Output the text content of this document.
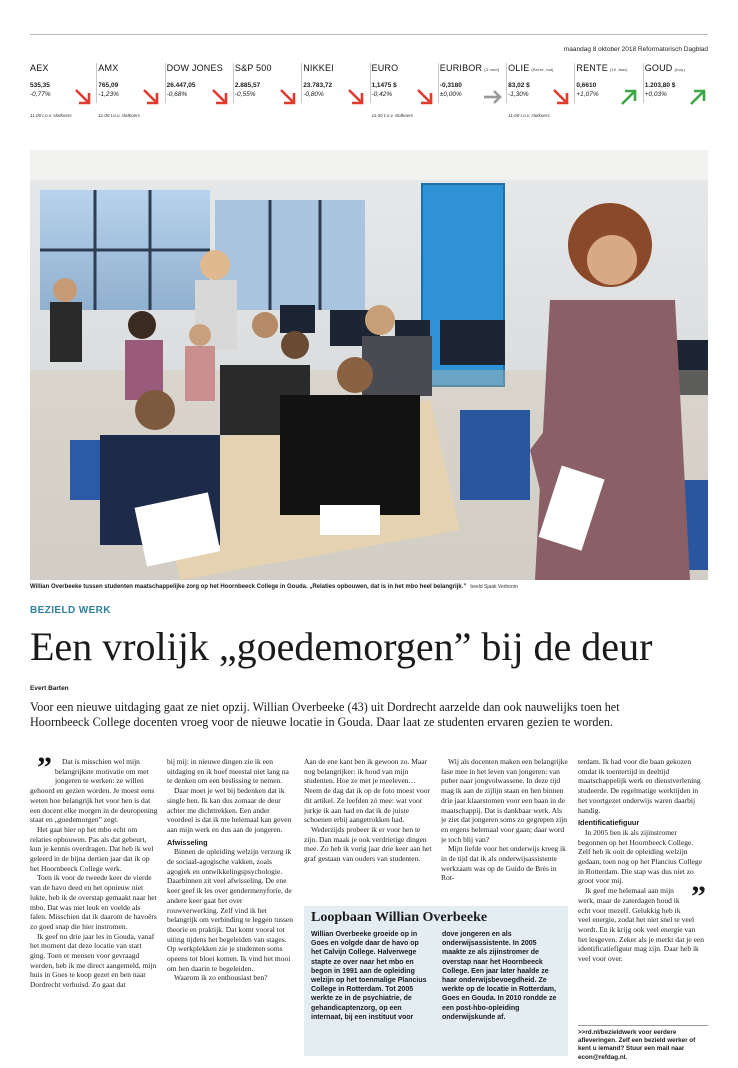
maandag 8 oktober 2018 Reformatorisch Dagblad
AEX
535,35
-0,77%
11.00 t.o.v. slotkoers
AMX
765,09
-1,23%
11.00 t.o.v. slotkoers
DOW JONES
26.447,05
-0,68%
S&P 500
2.885,57
-0,55%
NIKKEI
23.783,72
-0,80%
EURO
1,1475 $
-0,42%
11.00 t.o.v. slotkoers
EURIBOR (3 mnd)
-0,3180
±0,00%
OLIE (Brent, vat)
83,02 $
-1,30%
11.00 t.o.v. slotkoers
RENTE (10 Jaar)
0,6610
+1,07%
GOUD (troy)
1.203,80 $
+0,03%
Willian Overbeeke tussen studenten maatschappelijke zorg op het Hoornbeeck College in Gouda. „Relaties opbouwen, dat is in het mbo heel belangrijk.” beeld Sjaak Verboom
BEZIELD WERK
Een vrolijk „goedemorgen” bij de deur
Evert Barten
Voor een nieuwe uitdaging gaat ze niet opzij. Willian Overbeeke (43) uit Dordrecht aarzelde dan ook nauwelijks toen het Hoornbeeck College docenten vroeg voor de nieuwe locatie in Gouda. Daar laat ze studenten ervaren gezien te worden.

” Dat is misschien wel mijn belangrijkste motivatie om met jongeren te werken: ze willen gehoord en gezien worden. Je moest eens weten hoe belangrijk het voor hen is dat een docent elke morgen in de deuropening staat en „goedemorgen” zegt.

Het gaat hier op het mbo echt om relaties opbouwen. Pas als dat gebeurt, kun je kennis overdragen. Dat heb ik wel geleerd in de bijna dertien jaar dat ik op het Hoornbeeck College werk.

Toen ik voor de tweede keer de vierde van de havo deed en het opnieuw niet lukte, heb ik de overstap gemaakt naar het mbo. Dat was niet leuk en voelde als falen. Misschien dat ik daarom de havoërs zo goed snap die hier instromen.

Ik geef nu drie jaar les in Gouda, vanaf het moment dat deze locatie van start ging. Toen er mensen voor gevraagd werden, heb ik me direct aangemeld, mijn huis in Goes te koop gezet en ben naar Dordrecht verhuisd. Zo gaat dat

bij mij: in nieuwe dingen zie ik een uitdaging en ik hoef meestal niet lang na te denken om een beslissing te nemen.

Daar moet je wel bij bedenken dat ik single ben. Ik kan dus zomaar de deur achter me dichttrekken. Een ander voordeel is dat ik me helemaal kan geven aan mijn werk en dus aan de jongeren.

Afwisseling

Binnen de opleiding welzijn verzorg ik de sociaal-agogische vakken, zoals agogiek en ontwikkelingspsychologie. Daarbinnen zit veel afwisseling. De ene keer geef ik les over gendermenyforie, de andere keer gaat het over rouwverwerking. Zelf vind ik het belangrijk om verbinding te leggen tussen theorie en praktijk. Dat komt vooral tot uiting tijdens het begeleiden van stages. Op werkplekken zie je studenten soms opeens tot bloei komen. Ik vind het mooi om hen daarin te begeleiden.

Waarom ik zo enthousiast ben?

Aan de ene kant ben ik gewoon zo. Maar nog belangrijker: ik houd van mijn studenten. Hoe ze met je meeleven… Neem de dag dat ik op de foto moest voor dit artikel. Ze leefden zó mee: wat voor jurkje ik aan had en dat ik de juiste schoenen erbij aangetrokken had.

Wederzijds probeer ik er voor hen te zijn. Dan maak je ook verdrietige dingen mee. Zo heb ik vorig jaar drie keer aan het graf gestaan van ouders van studenten.

Wij als docenten maken een belangrijke fase mee in het leven van jongeren: van puber naar jongvolwassene. In deze tijd mag ik aan de zijlijn staan en hen binnen drie jaar klaarstomen voor een baan in de maatschappij. Dat is dankbaar werk. Als je ziet dat jongeren soms zo gegrepen zijn en ergens helemaal voor gaan; daar word je toch blij van?

Mijn liefde voor het onderwijs kreeg ik in de tijd dat ik als onderwijsassistente werkzaam was op de Guido de Brès in Rot-

terdam. Ik had voor die baan gekozen omdat ik toentertijd in deeltijd maatschappelijk werk en dienstverlening studeerde. De regelmatige werktijden in het voortgezet onderwijs waren daarbij handig.

Identificatiefiguur

In 2005 ben ik als zijinstromer begonnen op het Hoornbeeck College. Zelf heb ik ooit de opleiding welzijn gedaan, toen nog op het Plancius College in Rotterdam. Die stap was dus niet zo groot voor mij.	”
Ik geef me helemaal aan mijn werk, maar de zaterdagen houd ik echt voor mezelf. Gelukkig heb ik veel energie, zodat het niet snel te veel wordt. En ik krijg ook veel energie van het lesgeven. Zeker als je merkt dat je een identificatiefiguur mag zijn. Daar heb ik veel voor over.

Loopbaan Willian Overbeeke
Willian Overbeeke groeide op in Goes en volgde daar de havo op het Calvijn College. Halverwege stapte ze over naar het mbo en begon in 1991 aan de opleiding welzijn op het toenmalige Plancius College in Rotterdam. Tot 2005 werkte ze in de psychiatrie, de gehandicaptenzorg, op een internaat, bij een instituut voor dove jongeren en als onderwijsassistente. In 2005 maakte ze als zijinstromer de overstap naar het Hoornbeeck College. Een jaar later haalde ze haar onderwijsbevoegdheid. Ze werkte op de locatie in Rotterdam, Goes en Gouda. In 2010 rondde ze een post-hbo-opleiding onderwijskunde af.
>>rd.nl/bezieldwerk voor eerdere afleveringen. Zelf een bezield werker of kent u iemand? Stuur een mail naar econ@refdag.nl.
